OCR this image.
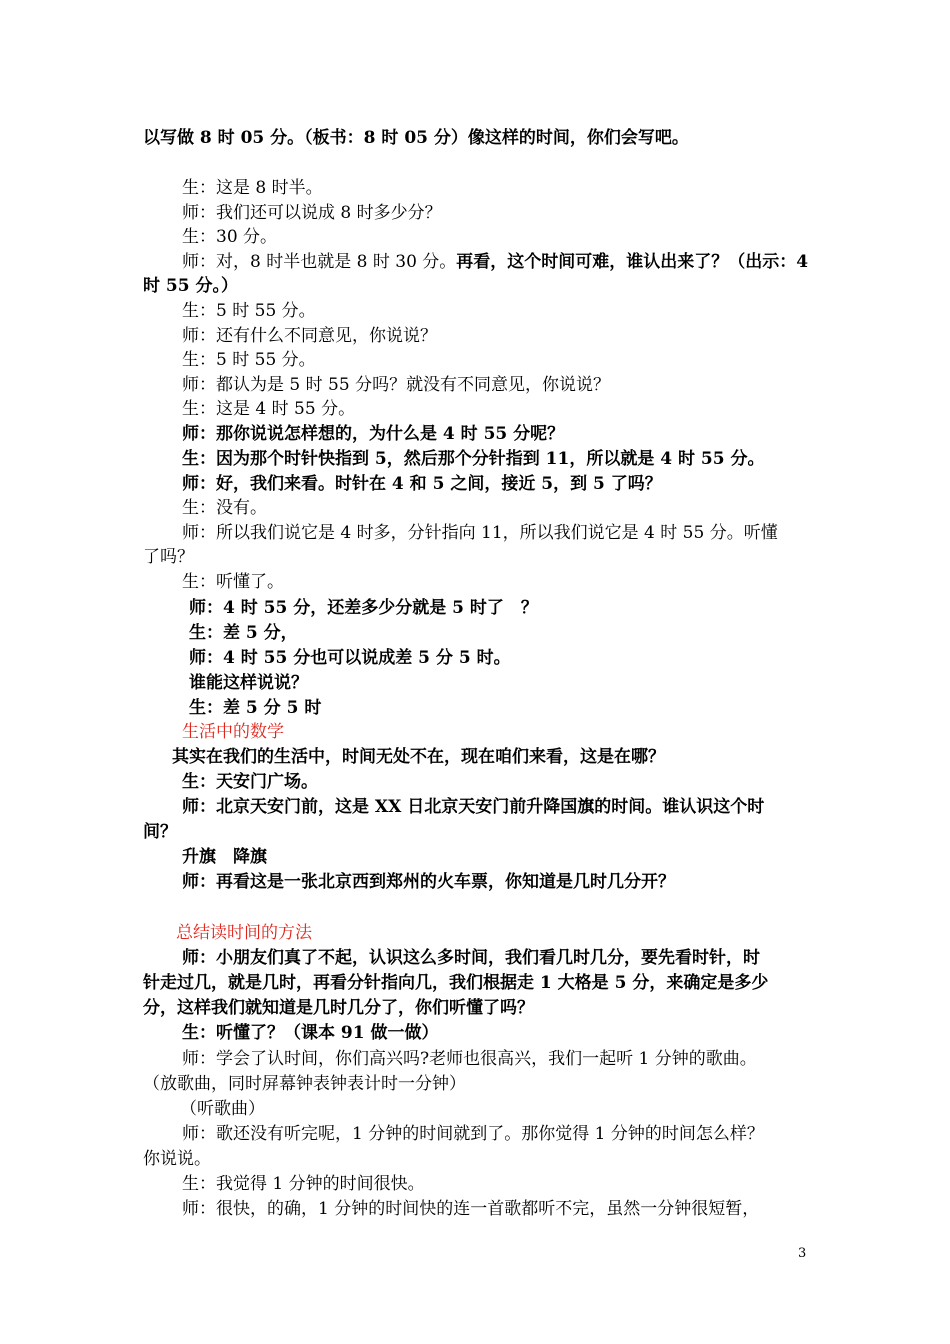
以写做 8 时 05 分。（板书：8 时 05 分）像这样的时间，你们会写吧。
生：这是 8 时半。
师：我们还可以说成 8 时多少分？
生：30 分。
师：对，8 时半也就是 8 时 30 分。再看，这个时间可难，谁认出来了？（出示：4
时 55 分。）
生：5 时 55 分。
师：还有什么不同意见，你说说？
生：5 时 55 分。
师：都认为是 5 时 55 分吗？就没有不同意见，你说说？
生：这是 4 时 55 分。
师：那你说说怎样想的，为什么是 4 时 55 分呢？
生：因为那个时针快指到 5，然后那个分针指到 11，所以就是 4 时 55 分。
师：好，我们来看。时针在 4 和 5 之间，接近 5，到 5 了吗？
生：没有。
师：所以我们说它是 4 时多，分针指向 11，所以我们说它是 4 时 55 分。听懂
了吗？
生：听懂了。
师：4 时 55 分，还差多少分就是 5 时了　？
生：差 5 分，
师：4 时 55 分也可以说成差 5 分 5 时。
谁能这样说说？
生：差 5 分 5 时
生活中的数学
其实在我们的生活中，时间无处不在，现在咱们来看，这是在哪？
生：天安门广场。
师：北京天安门前，这是 XX 日北京天安门前升降国旗的时间。谁认识这个时
间？
升旗　降旗
师：再看这是一张北京西到郑州的火车票，你知道是几时几分开？
总结读时间的方法
师：小朋友们真了不起，认识这么多时间，我们看几时几分，要先看时针，时
针走过几，就是几时，再看分针指向几，我们根据走 1 大格是 5 分，来确定是多少
分，这样我们就知道是几时几分了，你们听懂了吗？
生：听懂了？（课本 91 做一做）
师：学会了认时间，你们高兴吗?老师也很高兴，我们一起听 1 分钟的歌曲。
（放歌曲，同时屏幕钟表钟表计时一分钟）
（听歌曲）
师：歌还没有听完呢，1 分钟的时间就到了。那你觉得 1 分钟的时间怎么样？
你说说。
生：我觉得 1 分钟的时间很快。
师：很快，的确，1 分钟的时间快的连一首歌都听不完，虽然一分钟很短暂，
3
